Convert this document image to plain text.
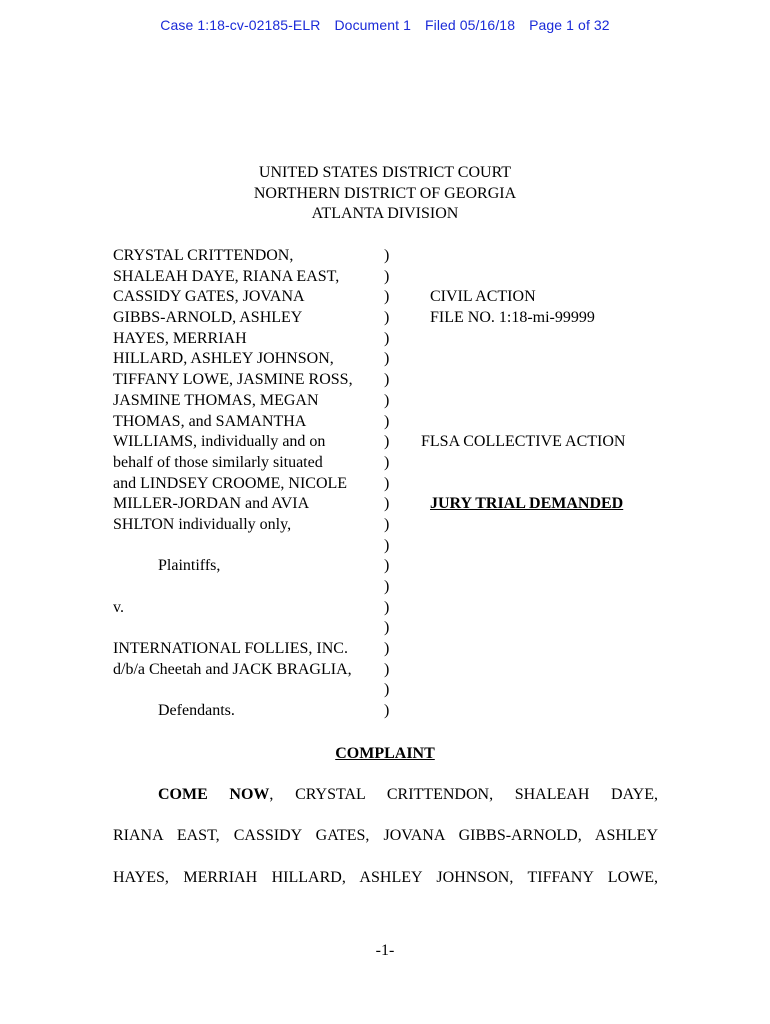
Case 1:18-cv-02185-ELR Document 1 Filed 05/16/18 Page 1 of 32
UNITED STATES DISTRICT COURT
NORTHERN DISTRICT OF GEORGIA
ATLANTA DIVISION
CRYSTAL CRITTENDON,
SHALEAH DAYE, RIANA EAST,
CASSIDY GATES, JOVANA
GIBBS-ARNOLD, ASHLEY
HAYES, MERRIAH
HILLARD, ASHLEY JOHNSON,
TIFFANY LOWE, JASMINE ROSS,
JASMINE THOMAS, MEGAN
THOMAS, and SAMANTHA
WILLIAMS, individually and on
behalf of those similarly situated
and LINDSEY CROOME, NICOLE
MILLER-JORDAN and AVIA
SHLTON individually only,
Plaintiffs,
v.
INTERNATIONAL FOLLIES, INC.
d/b/a Cheetah and JACK BRAGLIA,
Defendants.
)
)
)
)
)
)
)
)
)
)
)
)
)
)
)
)
)
)
)
)
)
)
)
CIVIL ACTION
FILE NO. 1:18-mi-99999
FLSA COLLECTIVE ACTION
JURY TRIAL DEMANDED
COMPLAINT
COME NOW, CRYSTAL CRITTENDON, SHALEAH DAYE,
RIANA EAST, CASSIDY GATES, JOVANA GIBBS-ARNOLD, ASHLEY
HAYES, MERRIAH HILLARD, ASHLEY JOHNSON, TIFFANY LOWE,
-1-
